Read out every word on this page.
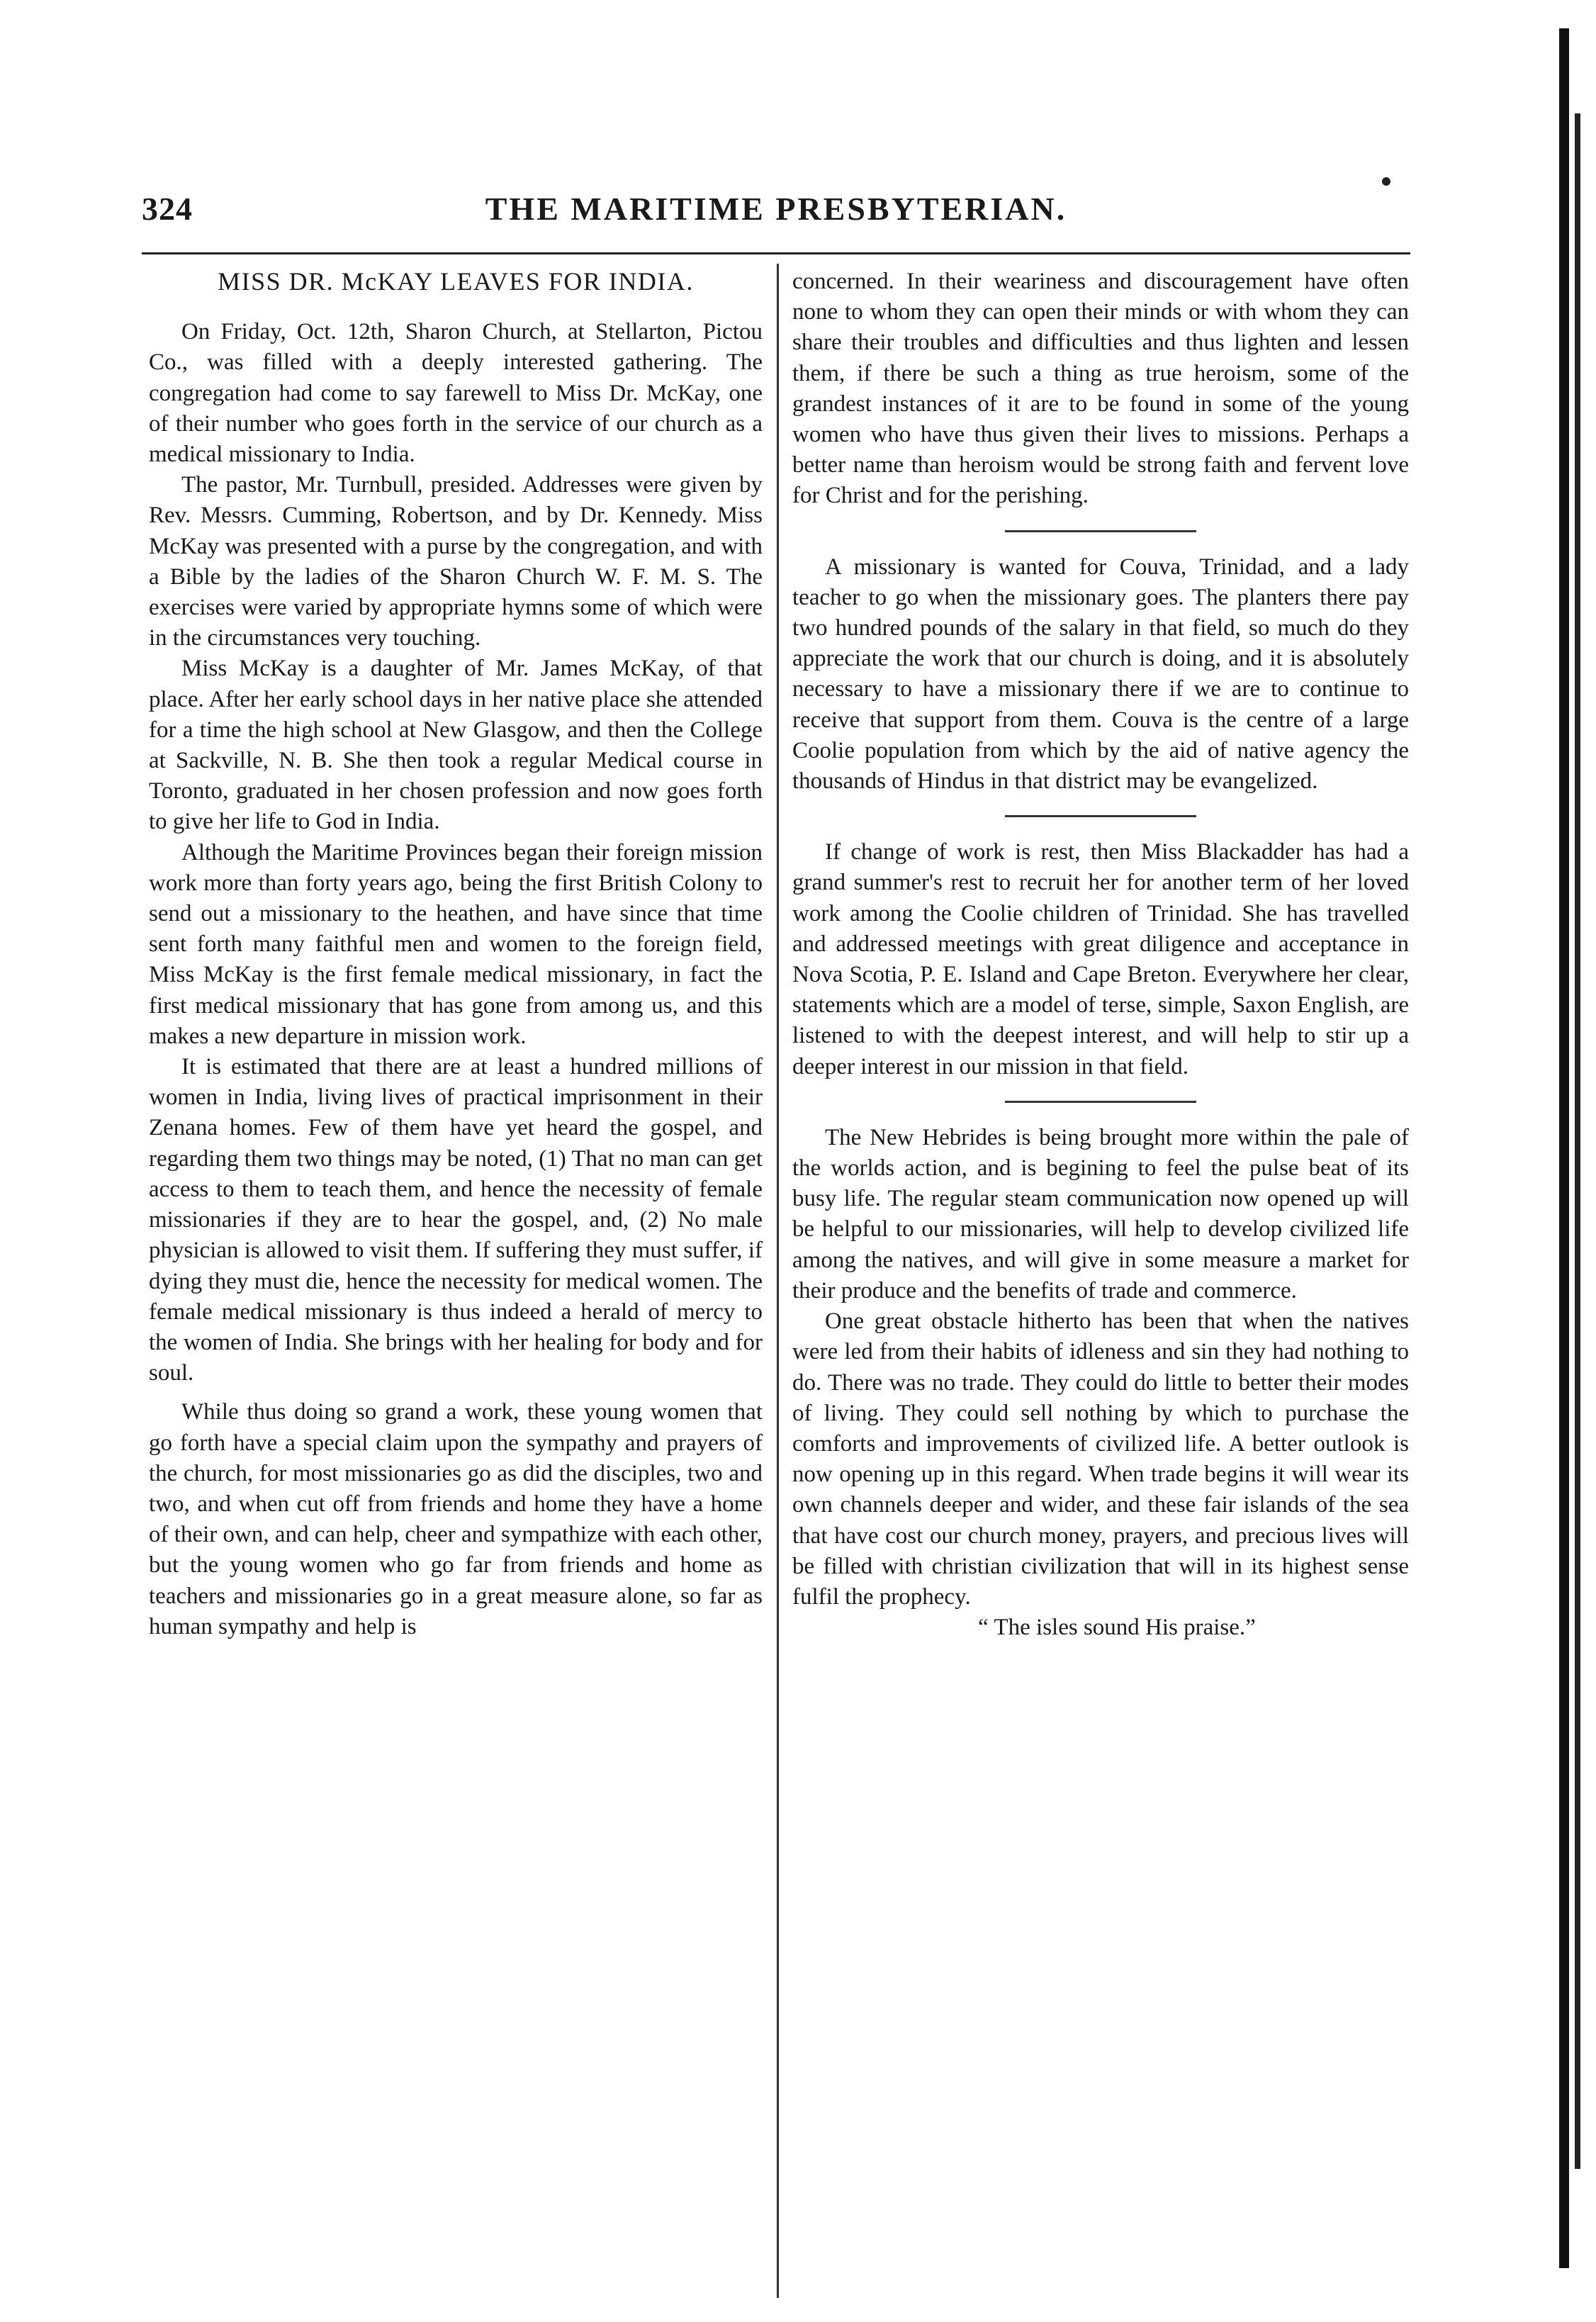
324	THE MARITIME PRESBYTERIAN.
MISS DR. McKAY LEAVES FOR INDIA.

On Friday, Oct. 12th, Sharon Church, at Stellarton, Pictou Co., was filled with a deeply interested gathering. The congregation had come to say farewell to Miss Dr. McKay, one of their number who goes forth in the service of our church as a medical missionary to India.

The pastor, Mr. Turnbull, presided. Addresses were given by Rev. Messrs. Cumming, Robertson, and by Dr. Kennedy. Miss McKay was presented with a purse by the congregation, and with a Bible by the ladies of the Sharon Church W. F. M. S. The exercises were varied by appropriate hymns some of which were in the circumstances very touching.

Miss McKay is a daughter of Mr. James McKay, of that place. After her early school days in her native place she attended for a time the high school at New Glasgow, and then the College at Sackville, N. B. She then took a regular Medical course in Toronto, graduated in her chosen profession and now goes forth to give her life to God in India.

Although the Maritime Provinces began their foreign mission work more than forty years ago, being the first British Colony to send out a missionary to the heathen, and have since that time sent forth many faithful men and women to the foreign field, Miss McKay is the first female medical missionary, in fact the first medical missionary that has gone from among us, and this makes a new departure in mission work.

It is estimated that there are at least a hundred millions of women in India, living lives of practical imprisonment in their Zenana homes. Few of them have yet heard the gospel, and regarding them two things may be noted, (1) That no man can get access to them to teach them, and hence the necessity of female missionaries if they are to hear the gospel, and, (2) No male physician is allowed to visit them. If suffering they must suffer, if dying they must die, hence the necessity for medical women. The female medical missionary is thus indeed a herald of mercy to the women of India. She brings with her healing for body and for soul.

While thus doing so grand a work, these young women that go forth have a special claim upon the sympathy and prayers of the church, for most missionaries go as did the disciples, two and two, and when cut off from friends and home they have a home of their own, and can help, cheer and sympathize with each other, but the young women who go far from friends and home as teachers and missionaries go in a great measure alone, so far as human sympathy and help is

concerned. In their weariness and discouragement have often none to whom they can open their minds or with whom they can share their troubles and difficulties and thus lighten and lessen them, if there be such a thing as true heroism, some of the grandest instances of it are to be found in some of the young women who have thus given their lives to missions. Perhaps a better name than heroism would be strong faith and fervent love for Christ and for the perishing.

A missionary is wanted for Couva, Trinidad, and a lady teacher to go when the missionary goes. The planters there pay two hundred pounds of the salary in that field, so much do they appreciate the work that our church is doing, and it is absolutely necessary to have a missionary there if we are to continue to receive that support from them. Couva is the centre of a large Coolie population from which by the aid of native agency the thousands of Hindus in that district may be evangelized.

If change of work is rest, then Miss Blackadder has had a grand summer's rest to recruit her for another term of her loved work among the Coolie children of Trinidad. She has travelled and addressed meetings with great diligence and acceptance in Nova Scotia, P. E. Island and Cape Breton. Everywhere her clear, statements which are a model of terse, simple, Saxon English, are listened to with the deepest interest, and will help to stir up a deeper interest in our mission in that field.

The New Hebrides is being brought more within the pale of the worlds action, and is begining to feel the pulse beat of its busy life. The regular steam communication now opened up will be helpful to our missionaries, will help to develop civilized life among the natives, and will give in some measure a market for their produce and the benefits of trade and commerce.

One great obstacle hitherto has been that when the natives were led from their habits of idleness and sin they had nothing to do. There was no trade. They could do little to better their modes of living. They could sell nothing by which to purchase the comforts and improvements of civilized life. A better outlook is now opening up in this regard. When trade begins it will wear its own channels deeper and wider, and these fair islands of the sea that have cost our church money, prayers, and precious lives will be filled with christian civilization that will in its highest sense fulfil the prophecy.

“ The isles sound His praise.”
